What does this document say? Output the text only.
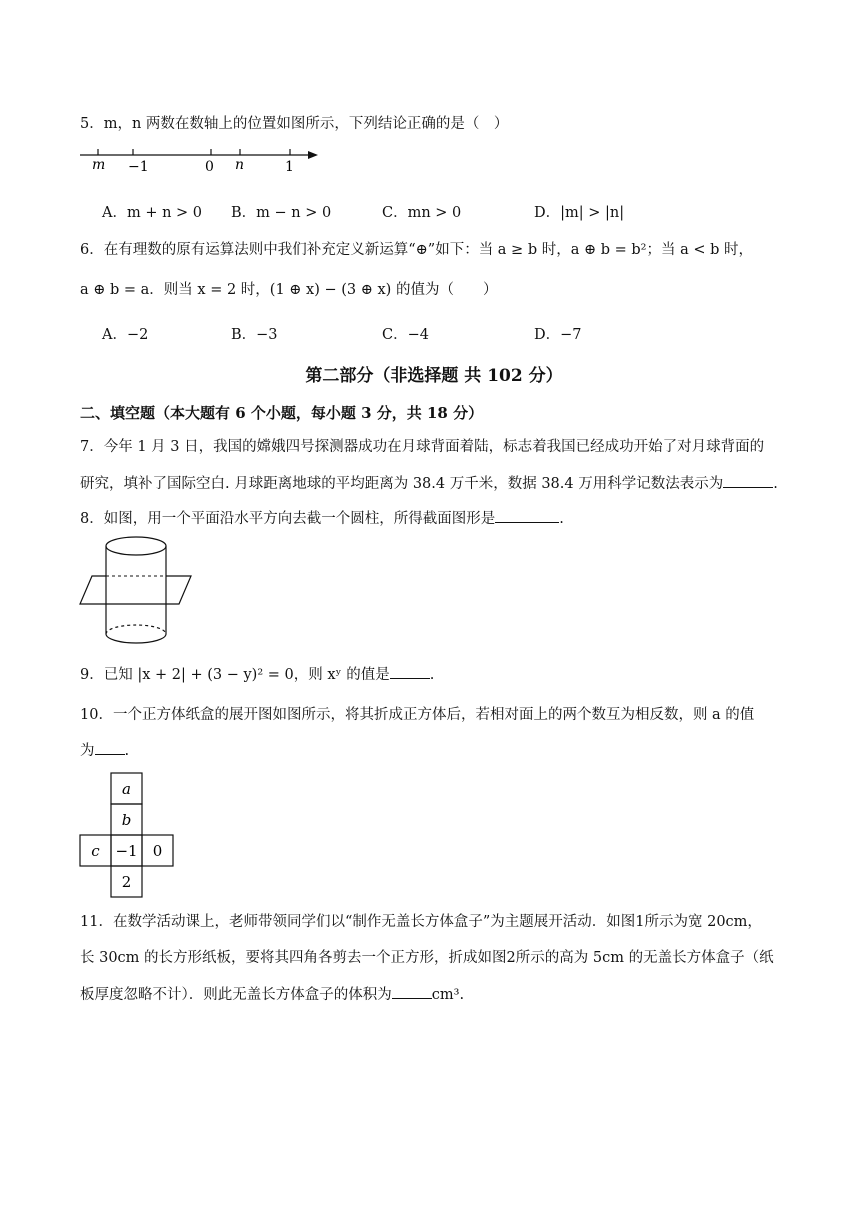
5．m，n 两数在数轴上的位置如图所示，下列结论正确的是（　）
m −1	0 n	1
A．m + n > 0 B．m − n > 0	C．mn > 0	D．|m| > |n|
6．在有理数的原有运算法则中我们补充定义新运算“⊕”如下：当 a ≥ b 时，a ⊕ b = b²；当 a < b 时，
a ⊕ b = a．则当 x = 2 时，(1 ⊕ x) − (3 ⊕ x) 的值为（　　）
A．−2	B．−3	C．−4	D．−7
第二部分（非选择题 共 102 分）
二、填空题（本大题有 6 个小题，每小题 3 分，共 18 分）
7．今年 1 月 3 日，我国的嫦娥四号探测器成功在月球背面着陆，标志着我国已经成功开始了对月球背面的
研究，填补了国际空白. 月球距离地球的平均距离为 38.4 万千米，数据 38.4 万用科学记数法表示为	.
8．如图，用一个平面沿水平方向去截一个圆柱，所得截面图形是	.
9．已知 |x + 2| + (3 − y)² = 0，则 xʸ 的值是	.
10．一个正方体纸盒的展开图如图所示，将其折成正方体后，若相对面上的两个数互为相反数，则 a 的值
为 .
a
b
c −1 0
2
11．在数学活动课上，老师带领同学们以“制作无盖长方体盒子”为主题展开活动．如图1所示为宽 20cm，
长 30cm 的长方形纸板，要将其四角各剪去一个正方形，折成如图2所示的高为 5cm 的无盖长方体盒子（纸
板厚度忽略不计）．则此无盖长方体盒子的体积为	cm³.
